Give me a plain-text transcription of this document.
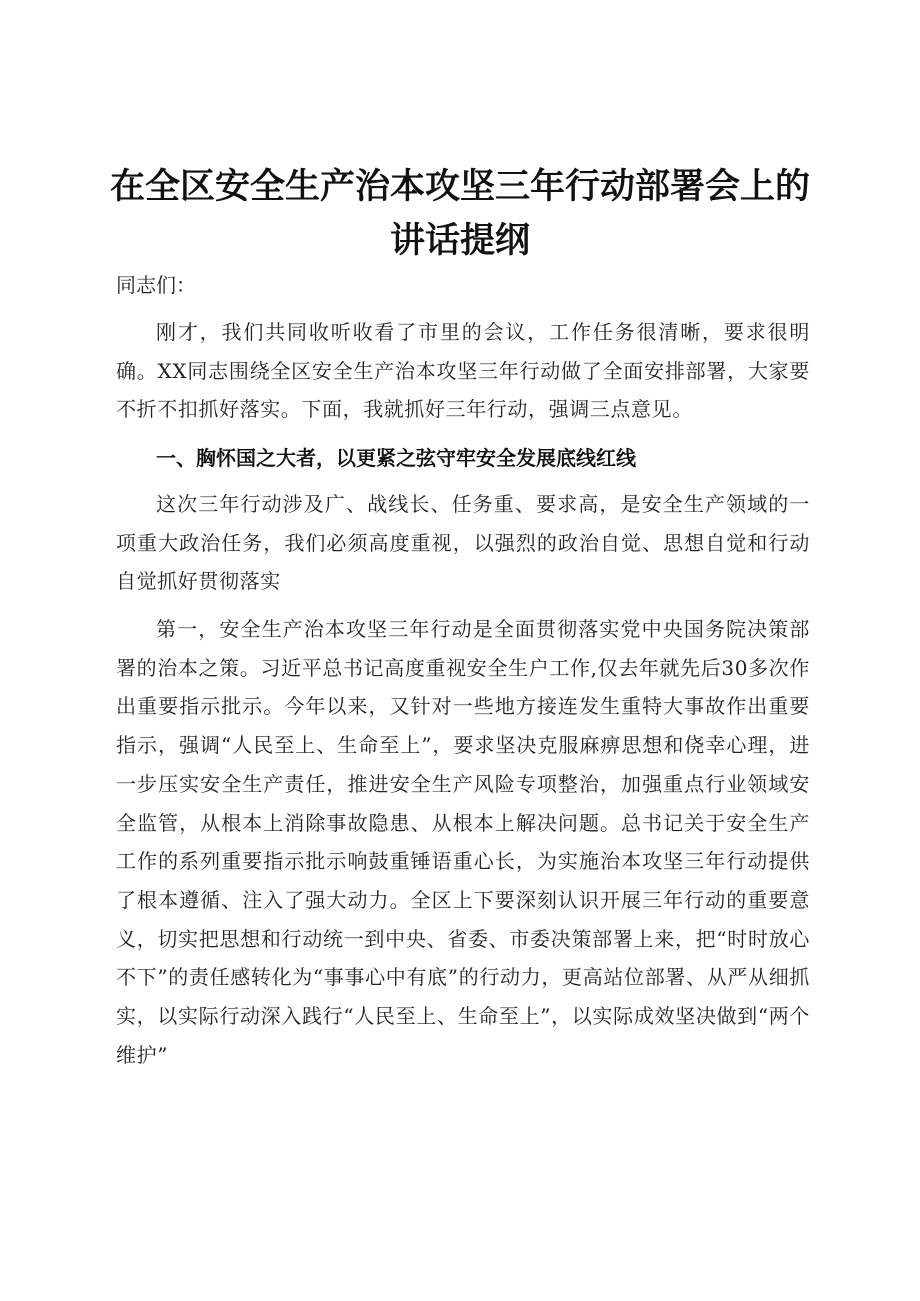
在全区安全生产治本攻坚三年行动部署会上的
讲话提纲
同志们：

刚才，我们共同收听收看了市里的会议，工作任务很清晰，要求很明确。XX同志围绕全区安全生产治本攻坚三年行动做了全面安排部署，大家要不折不扣抓好落实。下面，我就抓好三年行动，强调三点意见。

一、胸怀国之大者，以更紧之弦守牢安全发展底线红线

这次三年行动涉及广、战线长、任务重、要求高，是安全生产领域的一项重大政治任务，我们必须高度重视，以强烈的政治自觉、思想自觉和行动自觉抓好贯彻落实

第一，安全生产治本攻坚三年行动是全面贯彻落实党中央国务院决策部署的治本之策。习近平总书记高度重视安全生户工作,仅去年就先后30多次作出重要指示批示。今年以来，又针对一些地方接连发生重特大事故作出重要指示，强调“人民至上、生命至上”，要求坚决克服麻痹思想和侥幸心理，进一步压实安全生产责任，推进安全生产风险专项整治，加强重点行业领域安全监管，从根本上消除事故隐患、从根本上解决问题。总书记关于安全生产工作的系列重要指示批示响鼓重锤语重心长，为实施治本攻坚三年行动提供了根本遵循、注入了强大动力。全区上下要深刻认识开展三年行动的重要意义，切实把思想和行动统一到中央、省委、市委决策部署上来，把“时时放心不下”的责任感转化为“事事心中有底”的行动力，更高站位部署、从严从细抓实，以实际行动深入践行“人民至上、生命至上”，以实际成效坚决做到“两个维护”
